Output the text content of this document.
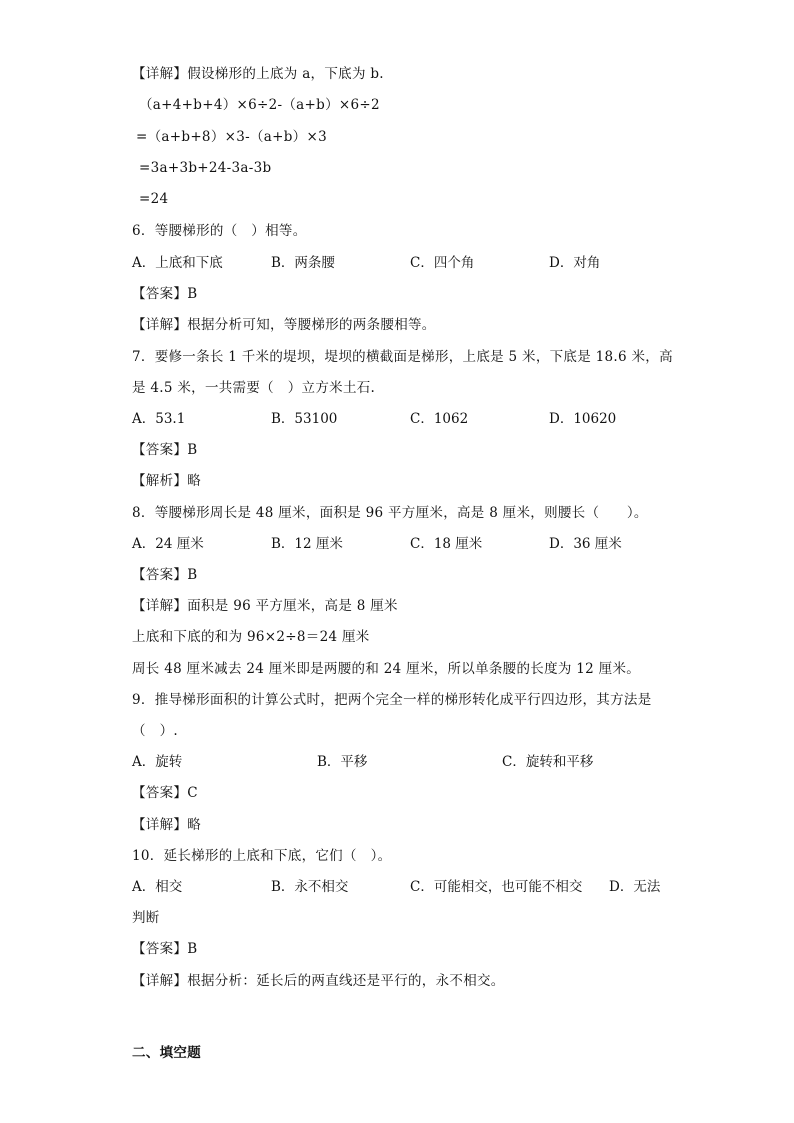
【详解】假设梯形的上底为 a，下底为 b.
（a+4+b+4）×6÷2-（a+b）×6÷2
=（a+b+8）×3-（a+b）×3
=3a+3b+24-3a-3b
=24
6．等腰梯形的（　）相等。
A．上底和下底	B．两条腰	C．四个角	D．对角
【答案】B
【详解】根据分析可知，等腰梯形的两条腰相等。
7．要修一条长 1 千米的堤坝，堤坝的横截面是梯形，上底是 5 米，下底是 18.6 米，高
是 4.5 米，一共需要（　）立方米土石.
A．53.1	B．53100	C．1062	D．10620
【答案】B
【解析】略
8．等腰梯形周长是 48 厘米，面积是 96 平方厘米，高是 8 厘米，则腰长（　　）。
A．24 厘米	B．12 厘米	C．18 厘米	D．36 厘米
【答案】B
【详解】面积是 96 平方厘米，高是 8 厘米
上底和下底的和为 96×2÷8＝24 厘米
周长 48 厘米减去 24 厘米即是两腰的和 24 厘米，所以单条腰的长度为 12 厘米。
9．推导梯形面积的计算公式时，把两个完全一样的梯形转化成平行四边形，其方法是
（　）.
A．旋转	B．平移	C．旋转和平移
【答案】C
【详解】略
10．延长梯形的上底和下底，它们（　）。
A．相交	B．永不相交	C．可能相交，也可能不相交 D．无法
判断
【答案】B
【详解】根据分析：延长后的两直线还是平行的，永不相交。
二、填空题
